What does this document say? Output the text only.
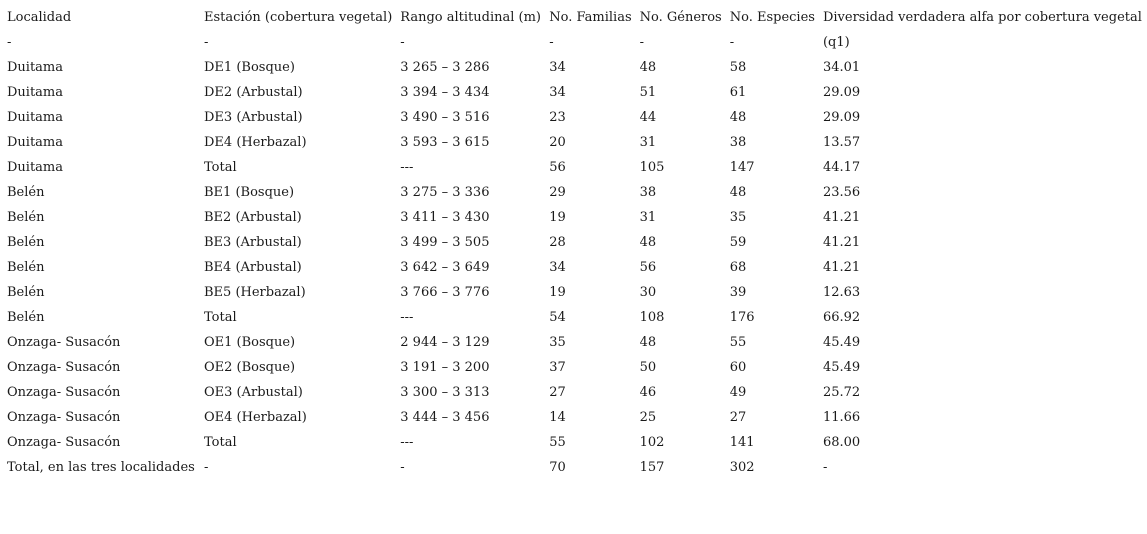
Localidad	Estación (cobertura vegetal)	Rango altitudinal (m)	No. Familias	No. Géneros	No. Especies	Diversidad verdadera alfa por cobertura vegetal
-	-	-	-	-	-	(q1)
Duitama	DE1 (Bosque)	3 265 – 3 286	34	48	58	34.01
Duitama	DE2 (Arbustal)	3 394 – 3 434	34	51	61	29.09
Duitama	DE3 (Arbustal)	3 490 – 3 516	23	44	48	29.09
Duitama	DE4 (Herbazal)	3 593 – 3 615	20	31	38	13.57
Duitama	Total	---	56	105	147	44.17
Belén	BE1 (Bosque)	3 275 – 3 336	29	38	48	23.56
Belén	BE2 (Arbustal)	3 411 – 3 430	19	31	35	41.21
Belén	BE3 (Arbustal)	3 499 – 3 505	28	48	59	41.21
Belén	BE4 (Arbustal)	3 642 – 3 649	34	56	68	41.21
Belén	BE5 (Herbazal)	3 766 – 3 776	19	30	39	12.63
Belén	Total	---	54	108	176	66.92
Onzaga- Susacón	OE1 (Bosque)	2 944 – 3 129	35	48	55	45.49
Onzaga- Susacón	OE2 (Bosque)	3 191 – 3 200	37	50	60	45.49
Onzaga- Susacón	OE3 (Arbustal)	3 300 – 3 313	27	46	49	25.72
Onzaga- Susacón	OE4 (Herbazal)	3 444 – 3 456	14	25	27	11.66
Onzaga- Susacón	Total	---	55	102	141	68.00
Total, en las tres localidades	-	-	70	157	302	-
